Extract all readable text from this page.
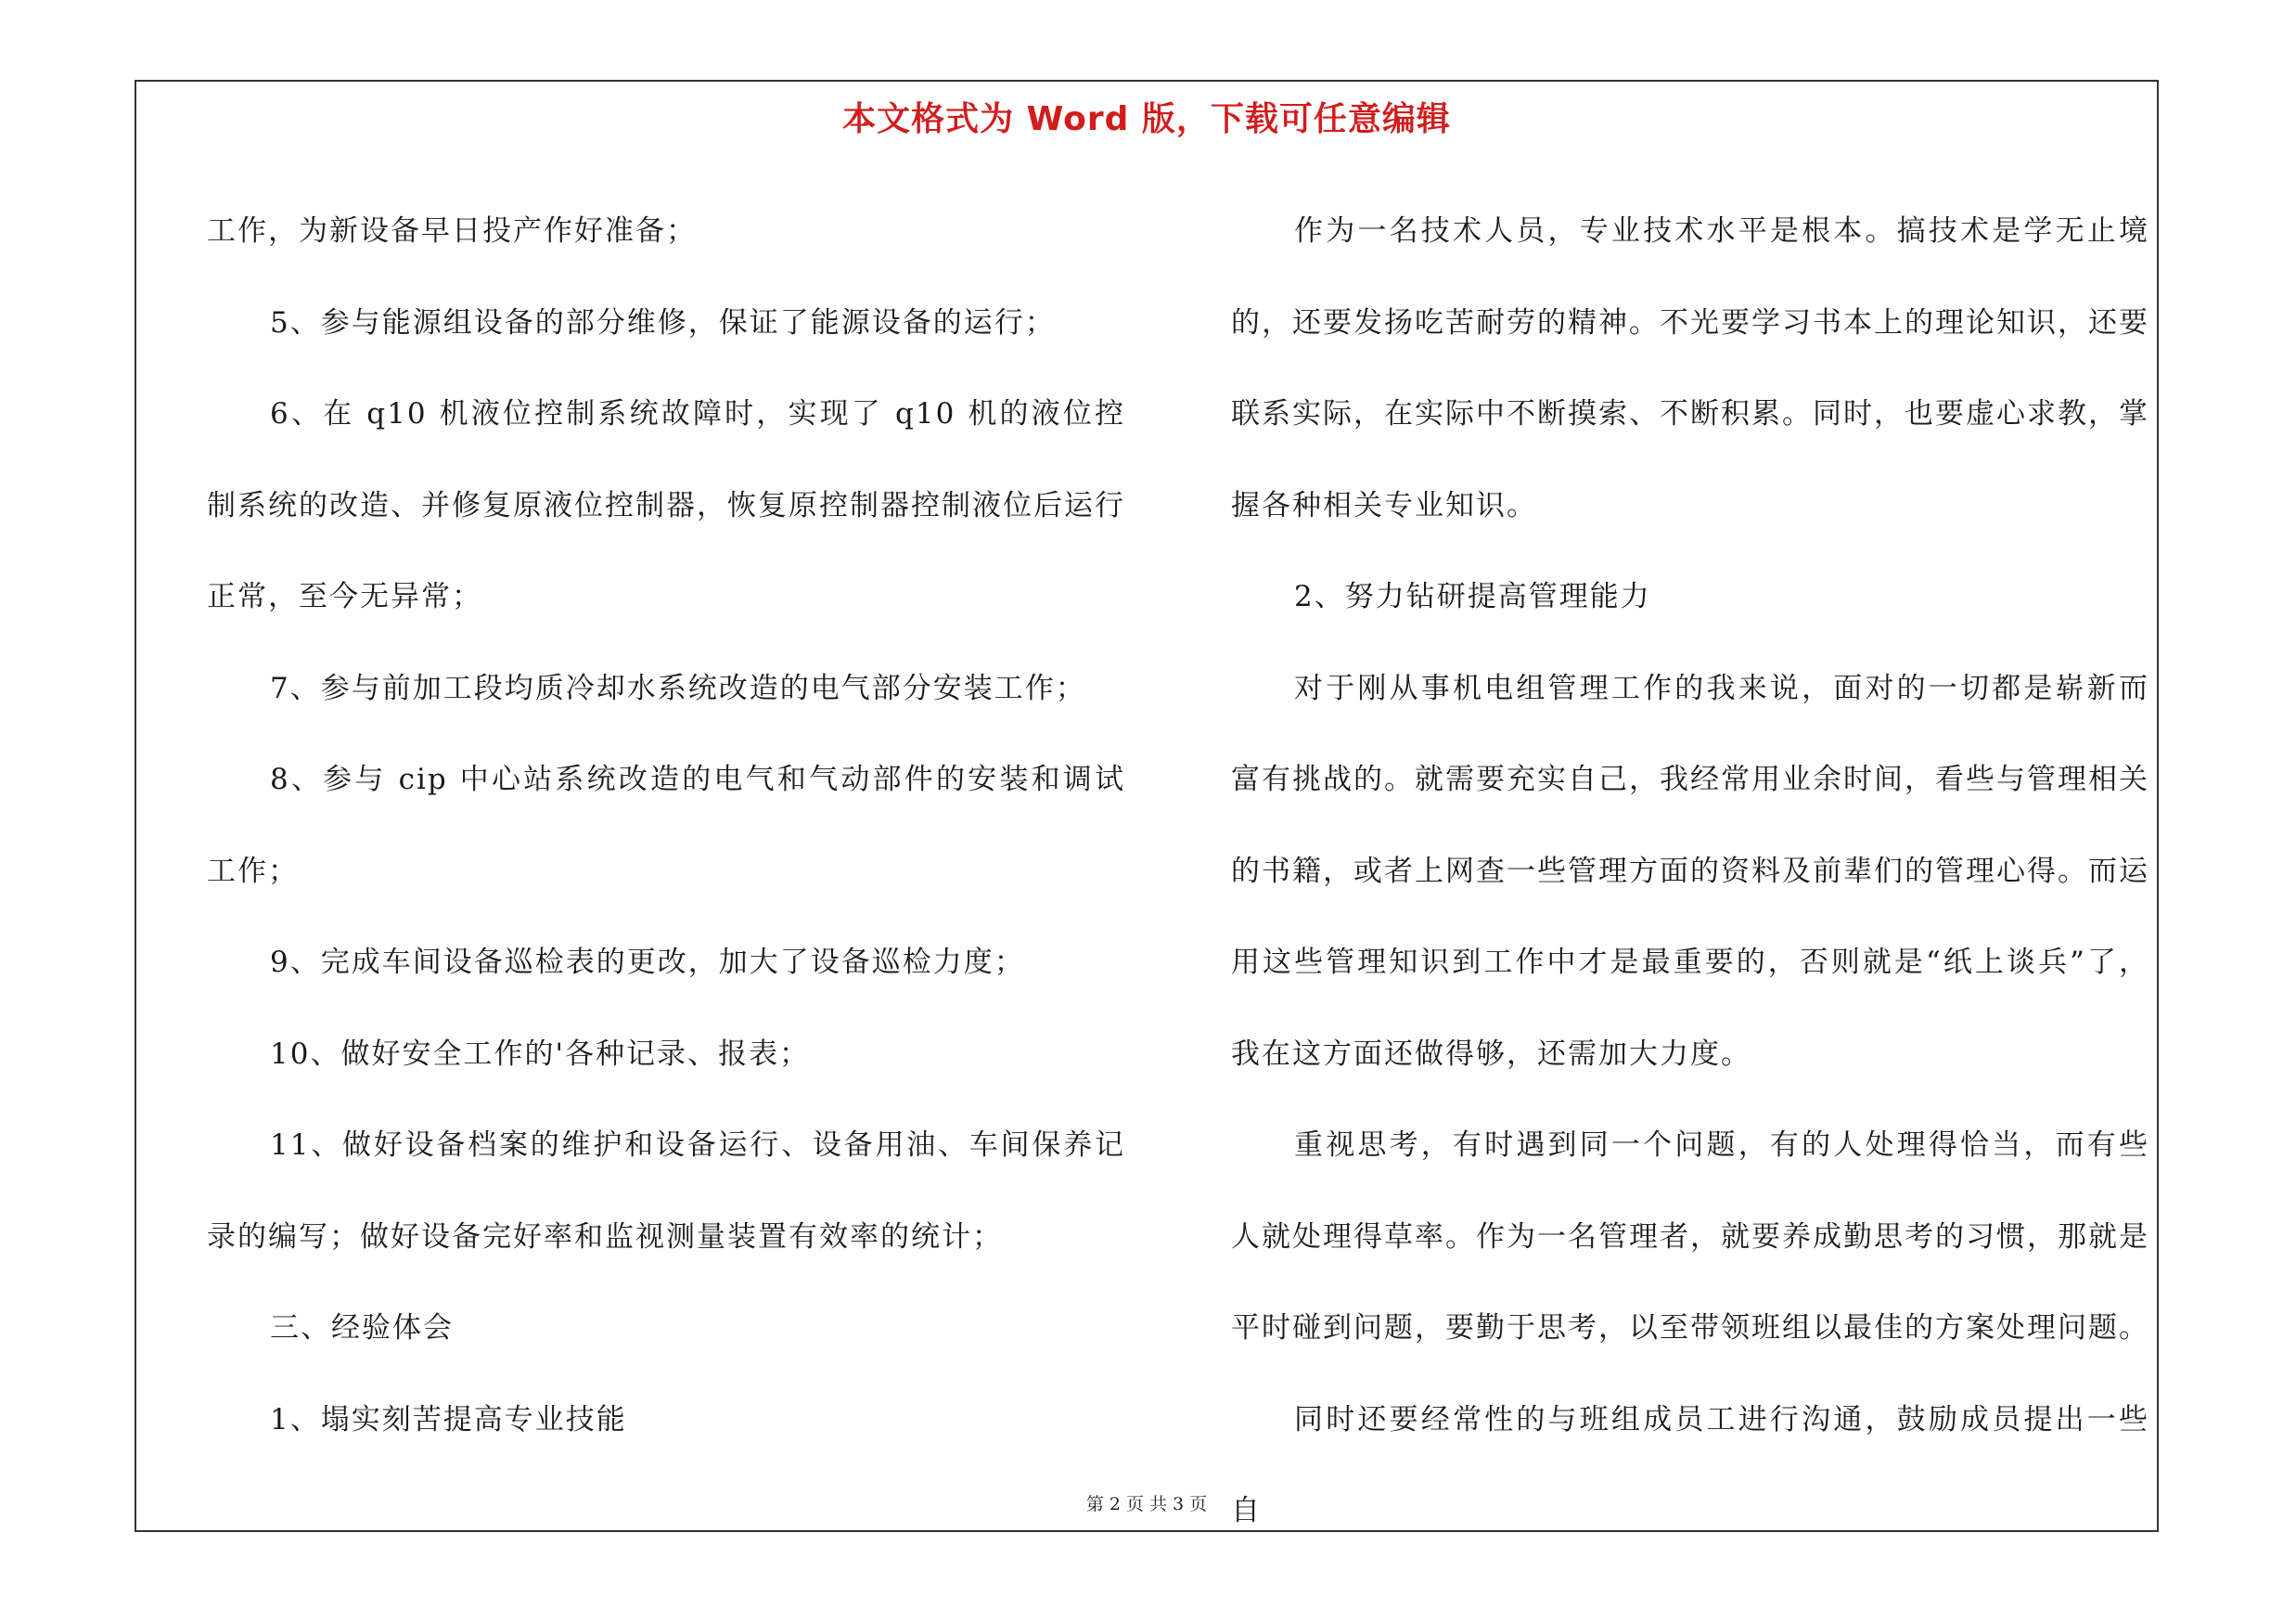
本文格式为 Word 版，下载可任意编辑

工作，为新设备早日投产作好准备；

5、参与能源组设备的部分维修，保证了能源设备的运行；

6、在 q10 机液位控制系统故障时，实现了 q10 机的液位控制系统的改造、并修复原液位控制器，恢复原控制器控制液位后运行正常，至今无异常；

7、参与前加工段均质冷却水系统改造的电气部分安装工作；

8、参与 cip 中心站系统改造的电气和气动部件的安装和调试工作；

9、完成车间设备巡检表的更改，加大了设备巡检力度；

10、做好安全工作的'各种记录、报表；

11、做好设备档案的维护和设备运行、设备用油、车间保养记录的编写；做好设备完好率和监视测量装置有效率的统计；

三、经验体会

1、塌实刻苦提高专业技能

作为一名技术人员，专业技术水平是根本。搞技术是学无止境的，还要发扬吃苦耐劳的精神。不光要学习书本上的理论知识，还要联系实际，在实际中不断摸索、不断积累。同时，也要虚心求教，掌握各种相关专业知识。

2、努力钻研提高管理能力

对于刚从事机电组管理工作的我来说，面对的一切都是崭新而富有挑战的。就需要充实自己，我经常用业余时间，看些与管理相关的书籍，或者上网查一些管理方面的资料及前辈们的管理心得。而运用这些管理知识到工作中才是最重要的，否则就是“纸上谈兵”了，我在这方面还做得够，还需加大力度。

重视思考，有时遇到同一个问题，有的人处理得恰当，而有些人就处理得草率。作为一名管理者，就要养成勤思考的习惯，那就是平时碰到问题，要勤于思考，以至带领班组以最佳的方案处理问题。

同时还要经常性的与班组成员工进行沟通，鼓励成员提出一些自

第 2 页 共 3 页
